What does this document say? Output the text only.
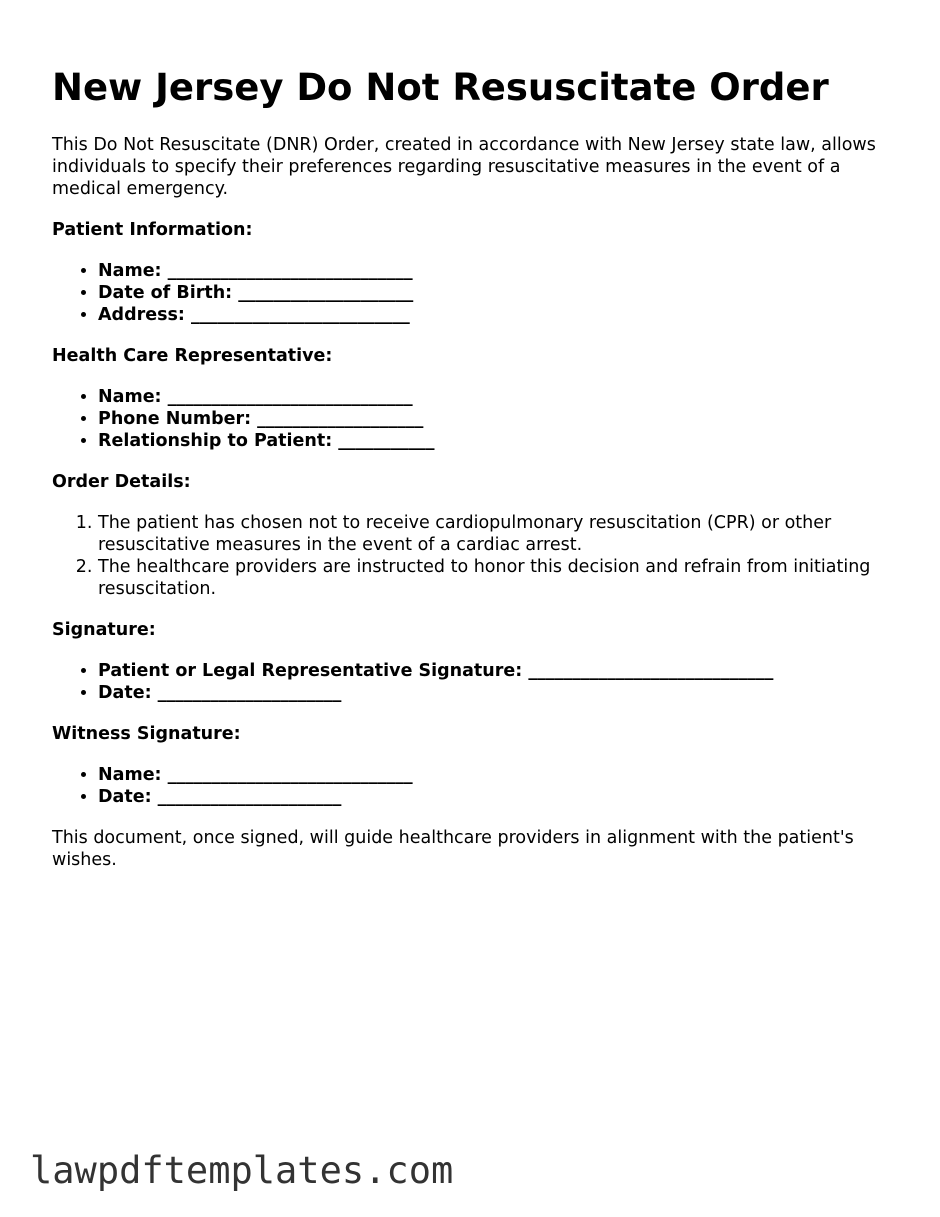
New Jersey Do Not Resuscitate Order

This Do Not Resuscitate (DNR) Order, created in accordance with New Jersey state law, allows individuals to specify their preferences regarding resuscitative measures in the event of a medical emergency.

Patient Information:
• Name: ____________________________
• Date of Birth: ____________________
• Address: _________________________
Health Care Representative:
• Name: ____________________________
• Phone Number: ___________________
• Relationship to Patient: ___________
Order Details:
1. The patient has chosen not to receive cardiopulmonary resuscitation (CPR) or other resuscitative measures in the event of a cardiac arrest.
2. The healthcare providers are instructed to honor this decision and refrain from initiating resuscitation.
Signature:
• Patient or Legal Representative Signature: ____________________________
• Date: _____________________
Witness Signature:
• Name: ____________________________
• Date: _____________________

This document, once signed, will guide healthcare providers in alignment with the patient's wishes.

lawpdftemplates.com
